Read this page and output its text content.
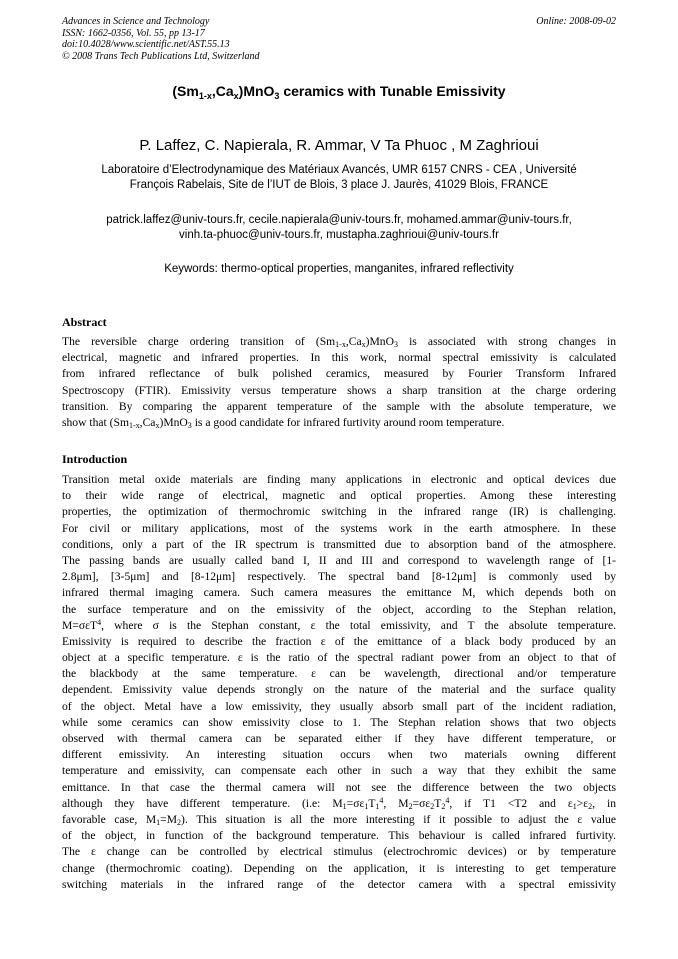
Advances in Science and Technology
ISSN: 1662-0356, Vol. 55, pp 13-17
doi:10.4028/www.scientific.net/AST.55.13
© 2008 Trans Tech Publications Ltd, Switzerland
Online: 2008-09-02
$(Sm_{1-x},Ca_x)MnO_3$ ceramics with Tunable Emissivity
P. Laffez, C. Napierala, R. Ammar, V Ta Phuoc , M Zaghrioui
Laboratoire d’Electrodynamique des Matériaux Avancés, UMR 6157 CNRS - CEA , Université
François Rabelais, Site de l’IUT de Blois, 3 place J. Jaurès, 41029 Blois, FRANCE
patrick.laffez@univ-tours.fr, cecile.napierala@univ-tours.fr, mohamed.ammar@univ-tours.fr,
vinh.ta-phuoc@univ-tours.fr, mustapha.zaghrioui@univ-tours.fr
Keywords: thermo-optical properties, manganites, infrared reflectivity
Abstract
The reversible charge ordering transition of $(Sm_{1-x},Ca_x)MnO_3$ is associated with strong changes in
electrical, magnetic and infrared properties. In this work, normal spectral emissivity is calculated
from infrared reflectance of bulk polished ceramics, measured by Fourier Transform Infrared
Spectroscopy (FTIR). Emissivity versus temperature shows a sharp transition at the charge ordering
transition. By comparing the apparent temperature of the sample with the absolute temperature, we
show that $(Sm_{1-x},Ca_x)MnO_3$ is a good candidate for infrared furtivity around room temperature.
Introduction
Transition metal oxide materials are finding many applications in electronic and optical devices due
to their wide range of electrical, magnetic and optical properties. Among these interesting
properties, the optimization of thermochromic switching in the infrared range (IR) is challenging.
For civil or military applications, most of the systems work in the earth atmosphere. In these
conditions, only a part of the IR spectrum is transmitted due to absorption band of the atmosphere.
The passing bands are usually called band I, II and III and correspond to wavelength range of [1-
2.8μm], [3-5μm] and [8-12μm] respectively. The spectral band [8-12μm] is commonly used by
infrared thermal imaging camera. Such camera measures the emittance M, which depends both on
the surface temperature and on the emissivity of the object, according to the Stephan relation,
M=σεT$^4$, where σ is the Stephan constant, ε the total emissivity, and T the absolute temperature.
Emissivity is required to describe the fraction ε of the emittance of a black body produced by an
object at a specific temperature. ε is the ratio of the spectral radiant power from an object to that of
the blackbody at the same temperature. ε can be wavelength, directional and/or temperature
dependent. Emissivity value depends strongly on the nature of the material and the surface quality
of the object. Metal have a low emissivity, they usually absorb small part of the incident radiation,
while some ceramics can show emissivity close to 1. The Stephan relation shows that two objects
observed with thermal camera can be separated either if they have different temperature, or
different emissivity. An interesting situation occurs when two materials owning different
temperature and emissivity, can compensate each other in such a way that they exhibit the same
emittance. In that case the thermal camera will not see the difference between the two objects
although they have different temperature. (i.e: $M_1=\sigma\varepsilon_1T_1^4$, $M_2=\sigma\varepsilon_2T_2^4$, if T1 <T2 and $\varepsilon_1>\varepsilon_2$, in
favorable case, $M_1=M_2$). This situation is all the more interesting if it possible to adjust the ε value
of the object, in function of the background temperature. This behaviour is called infrared furtivity.
The ε change can be controlled by electrical stimulus (electrochromic devices) or by temperature
change (thermochromic coating). Depending on the application, it is interesting to get temperature
switching materials in the infrared range of the detector camera with a spectral emissivity
